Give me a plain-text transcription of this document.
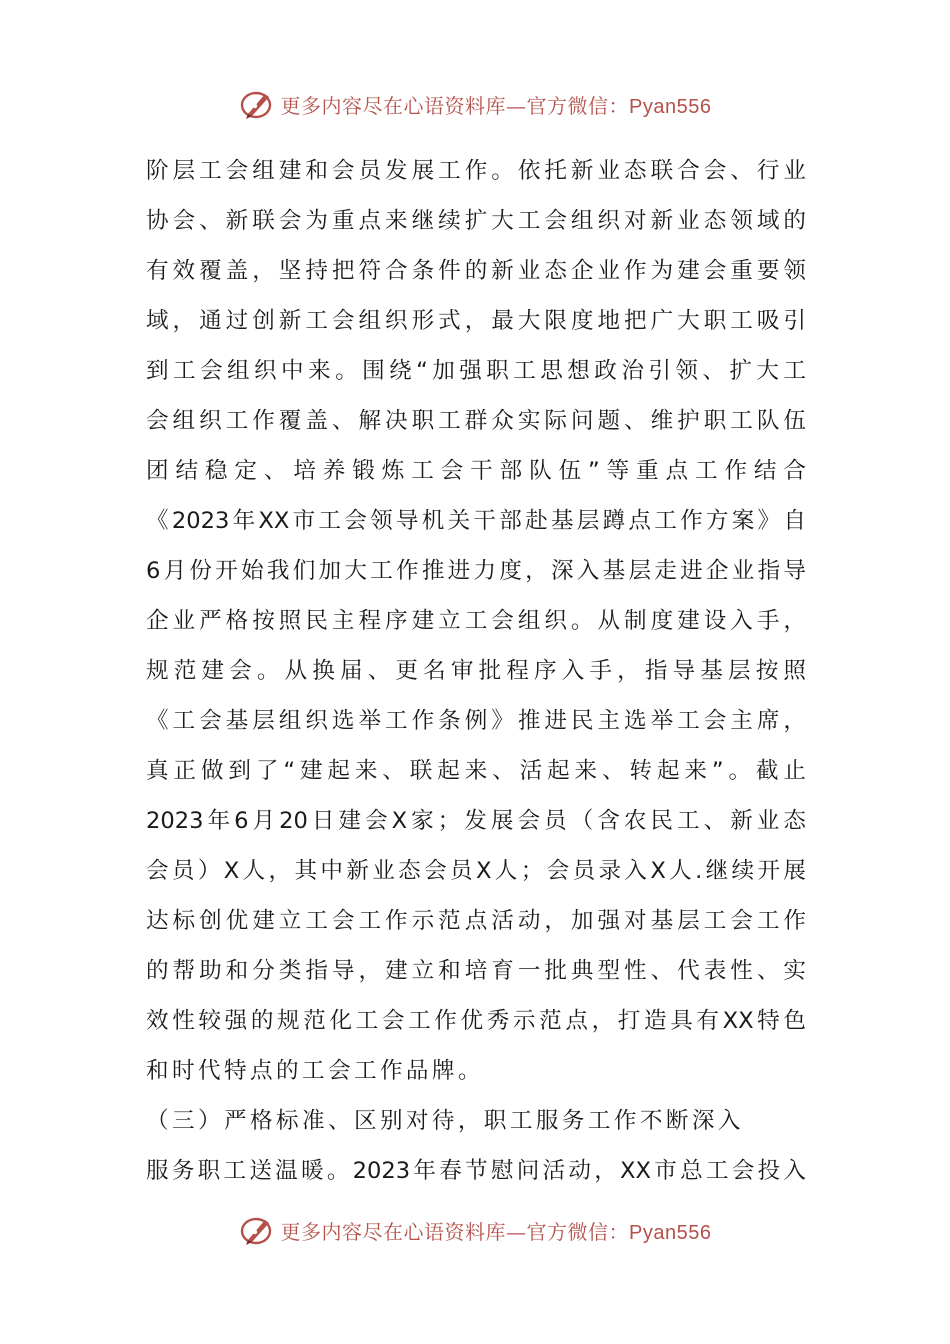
更多内容尽在心语资料库—官方微信：Pyan556
阶层工会组建和会员发展工作。依托新业态联合会、行业
协会、新联会为重点来继续扩大工会组织对新业态领域的
有效覆盖，坚持把符合条件的新业态企业作为建会重要领
域，通过创新工会组织形式，最大限度地把广大职工吸引
到工会组织中来。围绕“加强职工思想政治引领、扩大工
会组织工作覆盖、解决职工群众实际问题、维护职工队伍
团结稳定、培养锻炼工会干部队伍”等重点工作结合
《2023年XX市工会领导机关干部赴基层蹲点工作方案》自
6月份开始我们加大工作推进力度，深入基层走进企业指导
企业严格按照民主程序建立工会组织。从制度建设入手，
规范建会。从换届、更名审批程序入手，指导基层按照
《工会基层组织选举工作条例》推进民主选举工会主席，
真正做到了“建起来、联起来、活起来、转起来”。截止
2023年6月20日建会X家；发展会员（含农民工、新业态
会员）X人，其中新业态会员X人；会员录入X人.继续开展
达标创优建立工会工作示范点活动，加强对基层工会工作
的帮助和分类指导，建立和培育一批典型性、代表性、实
效性较强的规范化工会工作优秀示范点，打造具有XX特色
和时代特点的工会工作品牌。
（三）严格标准、区别对待，职工服务工作不断深入
服务职工送温暖。2023年春节慰问活动，XX市总工会投入
更多内容尽在心语资料库—官方微信：Pyan556
